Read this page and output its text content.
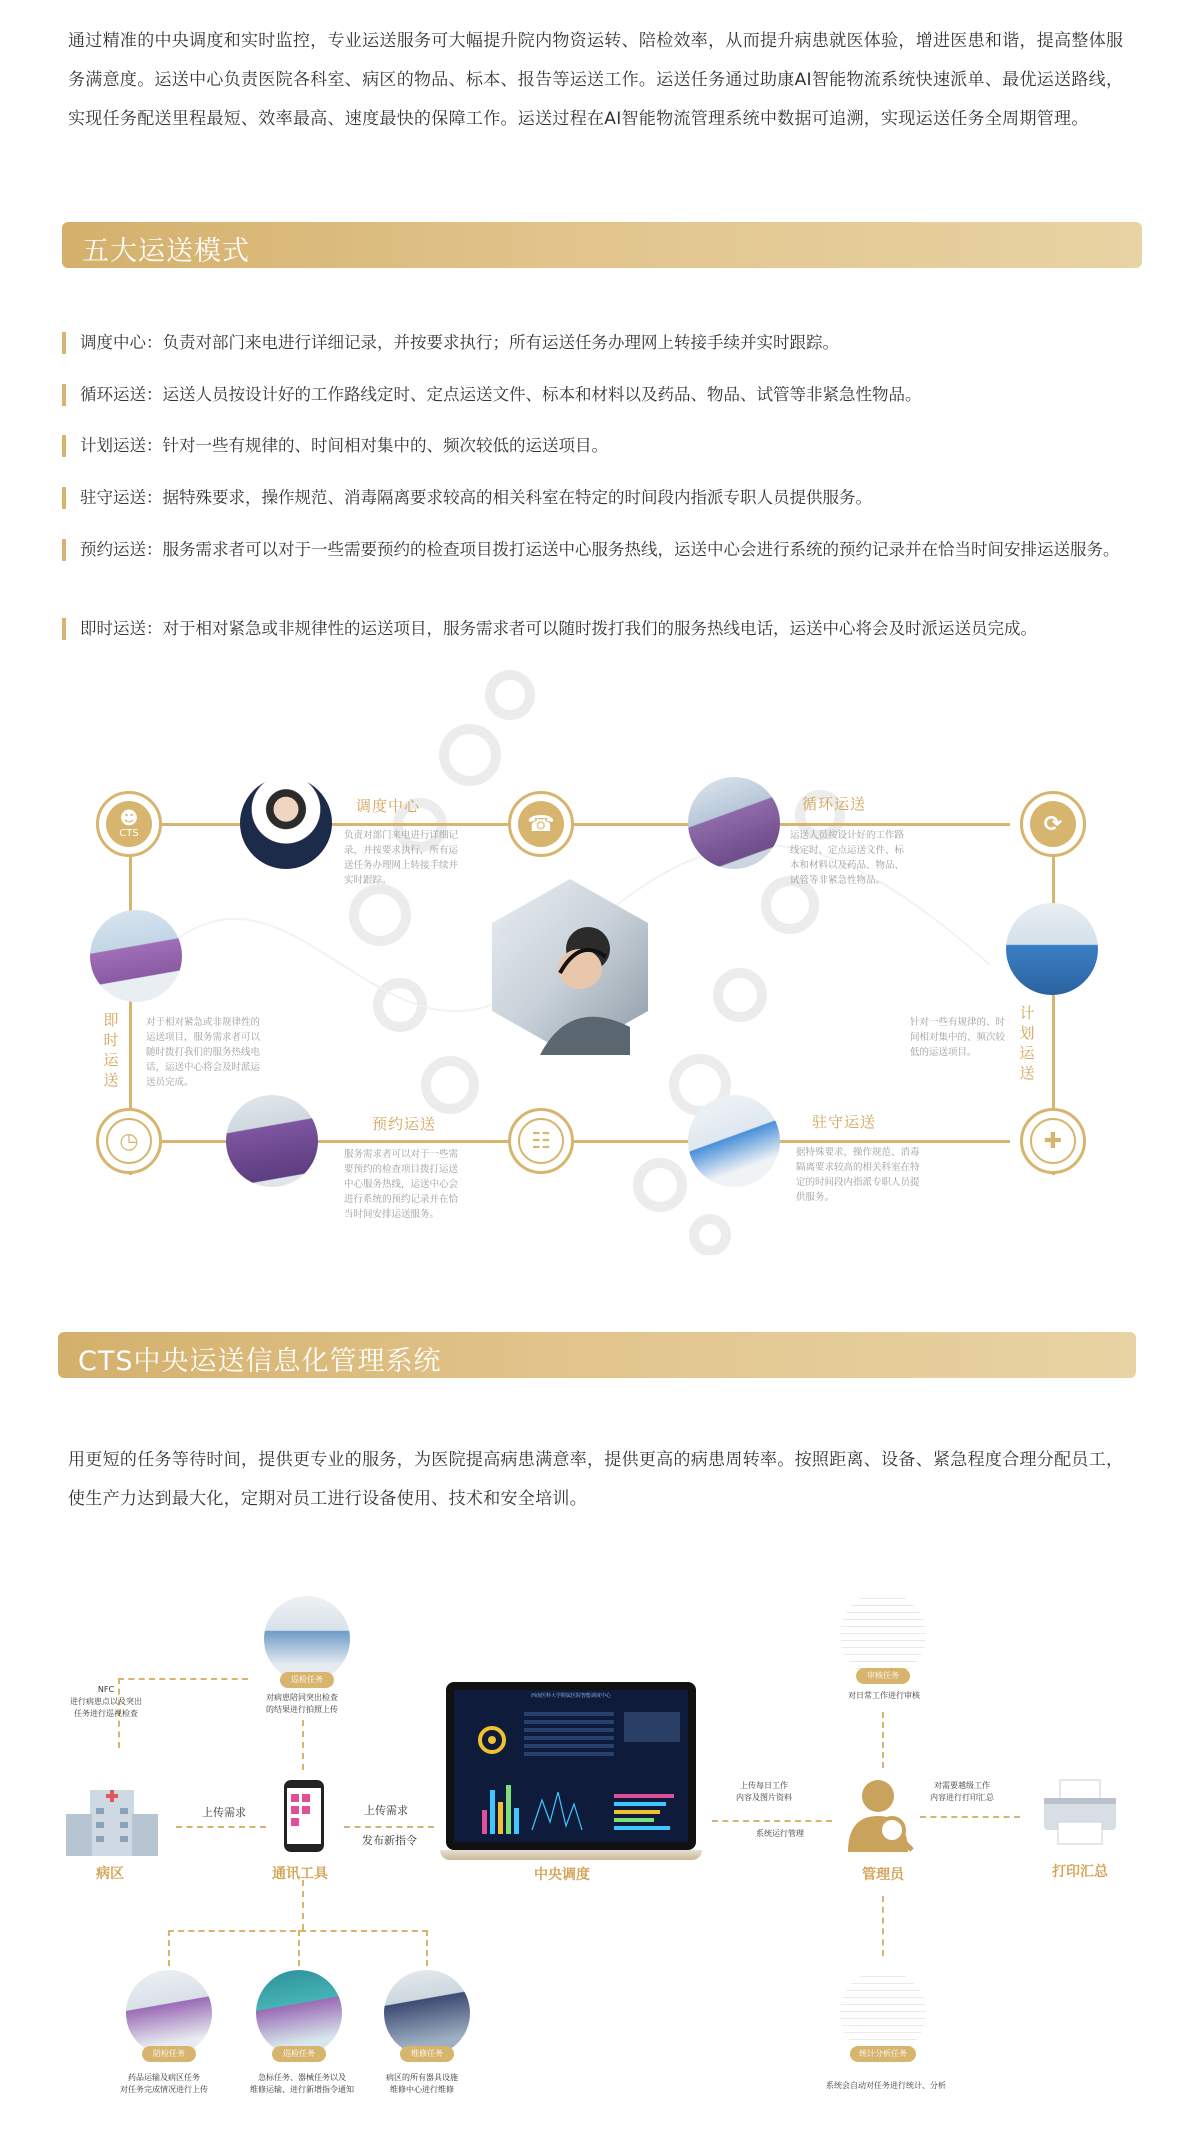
通过精准的中央调度和实时监控，专业运送服务可大幅提升院内物资运转、陪检效率，从而提升病患就医体验，增进医患和谐，提高整体服务满意度。运送中心负责医院各科室、病区的物品、标本、报告等运送工作。运送任务通过助康AI智能物流系统快速派单、最优运送路线，实现任务配送里程最短、效率最高、速度最快的保障工作。运送过程在AI智能物流管理系统中数据可追溯，实现运送任务全周期管理。

五大运送模式
调度中心：负责对部门来电进行详细记录，并按要求执行；所有运送任务办理网上转接手续并实时跟踪。
循环运送：运送人员按设计好的工作路线定时、定点运送文件、标本和材料以及药品、物品、试管等非紧急性物品。
计划运送：针对一些有规律的、时间相对集中的、频次较低的运送项目。
驻守运送：据特殊要求，操作规范、消毒隔离要求较高的相关科室在特定的时间段内指派专职人员提供服务。
预约运送：服务需求者可以对于一些需要预约的检查项目拨打运送中心服务热线，运送中心会进行系统的预约记录并在恰当时间安排运送服务。
即时运送：对于相对紧急或非规律性的运送项目，服务需求者可以随时拨打我们的服务热线电话，运送中心将会及时派运送员完成。
☻
CTS	☎	⟳
◷	☷	✚
调度中心
负责对部门来电进行详细记录，并按要求执行，所有运送任务办理网上转接手续并实时跟踪。
循环运送
运送人员按设计好的工作路线定时、定点运送文件、标本和材料以及药品、物品、试管等非紧急性物品。
计划运送
针对一些有规律的、时间相对集中的、频次较低的运送项目。
即时运送
对于相对紧急或非规律性的运送项目，服务需求者可以随时拨打我们的服务热线电话，运送中心将会及时派运送员完成。
预约运送
服务需求者可以对于一些需要预约的检查项目拨打运送中心服务热线，运送中心会进行系统的预约记录并在恰当时间安排运送服务。
驻守运送
据特殊要求，操作规范、消毒隔离要求较高的相关科室在特定的时间段内指派专职人员提供服务。
CTS中央运送信息化管理系统

用更短的任务等待时间，提供更专业的服务，为医院提高病患满意率，提供更高的病患周转率。按照距离、设备、紧急程度合理分配员工，使生产力达到最大化，定期对员工进行设备使用、技术和安全培训。

病区	通讯工具
西南医科大学附属医院智能调度中心
中央调度	管理员	打印汇总
上传需求	上传需求
发布新指令
上传每日工作
内容及图片资料
系统运行管理
对需要越级工作
内容进行打印汇总
NFC
进行病患点以及突出
任务进行巡视检查
巡检任务
对病患陪同突出检查
的结果进行拍照上传
审核任务
对日常工作进行审核
陪检任务
药品运输及病区任务
对任务完成情况进行上传
巡检任务
急标任务、器械任务以及
维修运输、进行新增指令通知
维修任务
病区的所有器具设施
维修中心进行维修
统计分析任务
系统会自动对任务进行统计、分析
